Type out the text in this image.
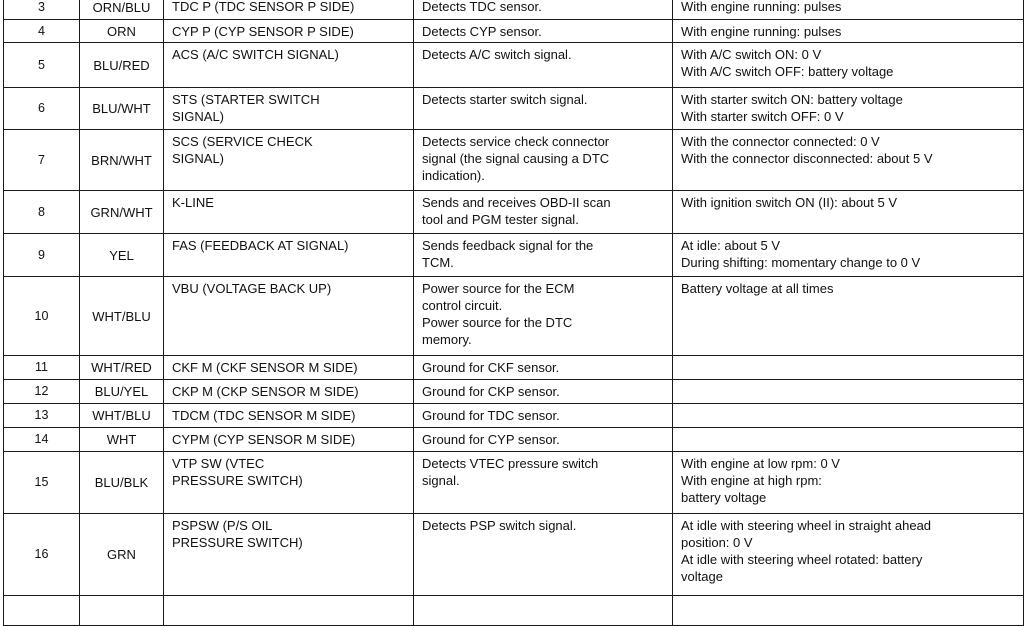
3	ORN/BLU	TDC P (TDC SENSOR P SIDE)	Detects TDC sensor.	With engine running: pulses

4	ORN	CYP P (CYP SENSOR P SIDE)	Detects CYP sensor.	With engine running: pulses

5	BLU/RED	ACS (A/C SWITCH SIGNAL)	Detects A/C switch signal.	With A/C switch ON: 0 V
With A/C switch OFF: battery voltage

6	BLU/WHT	STS (STARTER SWITCH
SIGNAL)	Detects starter switch signal.	With starter switch ON: battery voltage
With starter switch OFF: 0 V

7	BRN/WHT	SCS (SERVICE CHECK
SIGNAL)	Detects service check connector
signal (the signal causing a DTC
indication).	With the connector connected: 0 V
With the connector disconnected: about 5 V

8	GRN/WHT	K-LINE	Sends and receives OBD-II scan
tool and PGM tester signal.	With ignition switch ON (II): about 5 V

9	YEL	FAS (FEEDBACK AT SIGNAL)	Sends feedback signal for the
TCM.	At idle: about 5 V
During shifting: momentary change to 0 V

10	WHT/BLU	VBU (VOLTAGE BACK UP)	Power source for the ECM
control circuit.
Power source for the DTC
memory.	Battery voltage at all times

11	WHT/RED	CKF M (CKF SENSOR M SIDE)	Ground for CKF sensor.	

12	BLU/YEL	CKP M (CKP SENSOR M SIDE)	Ground for CKP sensor.	

13	WHT/BLU	TDCM (TDC SENSOR M SIDE)	Ground for TDC sensor.	

14	WHT	CYPM (CYP SENSOR M SIDE)	Ground for CYP sensor.	

15	BLU/BLK	VTP SW (VTEC
PRESSURE SWITCH)	Detects VTEC pressure switch
signal.	With engine at low rpm: 0 V
With engine at high rpm:
battery voltage

16	GRN	PSPSW (P/S OIL
PRESSURE SWITCH)	Detects PSP switch signal.	At idle with steering wheel in straight ahead
position: 0 V
At idle with steering wheel rotated: battery
voltage
